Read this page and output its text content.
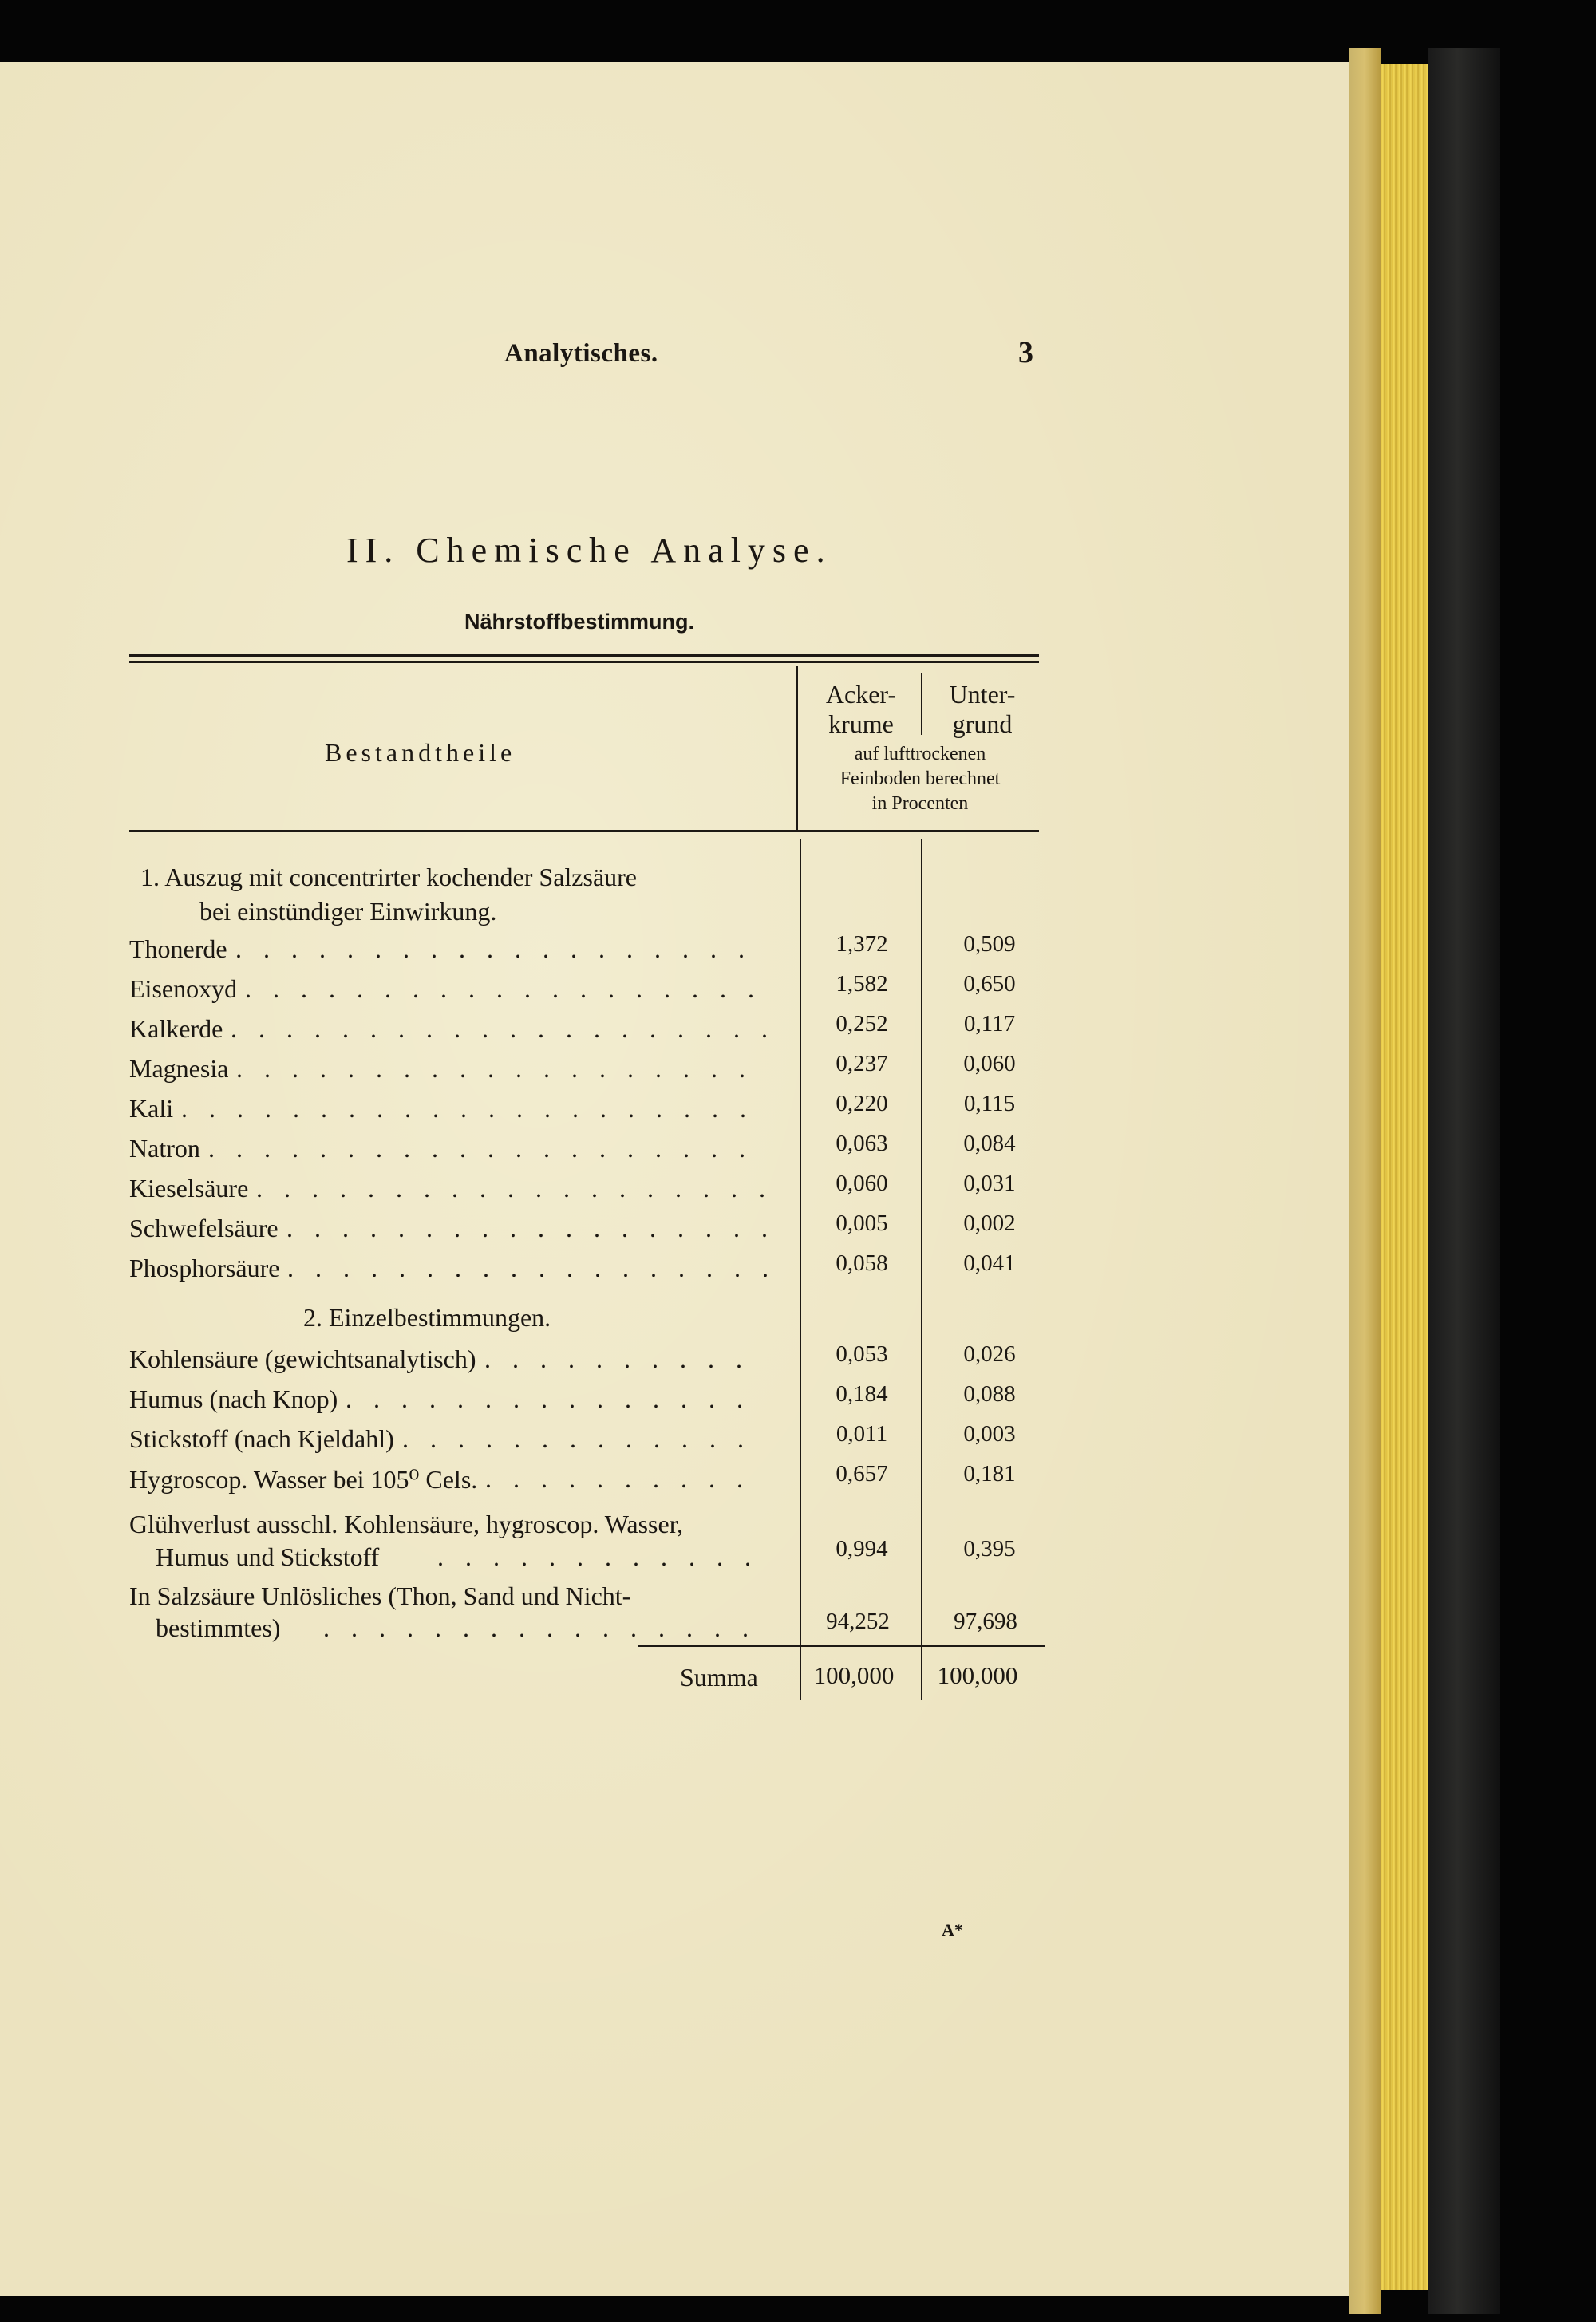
Analytisches.	3
II. Chemische Analyse.
Nährstoffbestimmung.
Bestandtheile
Acker-
krume
Unter-
grund
auf lufttrockenen
Feinboden berechnet
in Procenten
1. Auszug mit concentrirter kochender Salzsäure
bei einstündiger Einwirkung.
Thonerde . . . . . . . . . . . . . . . . . . .	1,372	0,509
Eisenoxyd . . . . . . . . . . . . . . . . . . .	1,582	0,650
Kalkerde . . . . . . . . . . . . . . . . . . . .	0,252	0,117
Magnesia . . . . . . . . . . . . . . . . . . .	0,237	0,060
Kali . . . . . . . . . . . . . . . . . . . . .	0,220	0,115
Natron . . . . . . . . . . . . . . . . . . . .	0,063	0,084
Kieselsäure . . . . . . . . . . . . . . . . . . .	0,060	0,031
Schwefelsäure . . . . . . . . . . . . . . . . . .	0,005	0,002
Phosphorsäure . . . . . . . . . . . . . . . . . .	0,058	0,041
2. Einzelbestimmungen.
Kohlensäure (gewichtsanalytisch) . . . . . . . . . .	0,053	0,026
Humus (nach Knop) . . . . . . . . . . . . . . .	0,184	0,088
Stickstoff (nach Kjeldahl) . . . . . . . . . . . . .	0,011	0,003
Hygroscop. Wasser bei 105⁰ Cels. . . . . . . . . . .	0,657	0,181
Glühverlust ausschl. Kohlensäure, hygroscop. Wasser,
Humus und Stickstoff . . . . . . . . . . . .	0,994	0,395
In Salzsäure Unlösliches (Thon, Sand und Nicht-
bestimmtes) . . . . . . . . . . . . . . . .	94,252	97,698
Summa	100,000	100,000
A*
